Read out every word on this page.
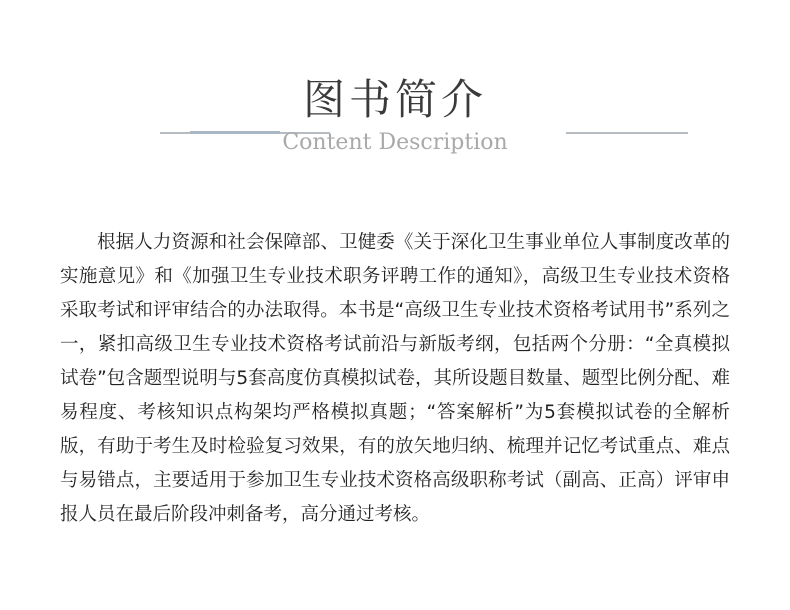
图书简介
Content Description

根据人力资源和社会保障部、卫健委《关于深化卫生事业单位人事制度改革的实施意见》和《加强卫生专业技术职务评聘工作的通知》，高级卫生专业技术资格采取考试和评审结合的办法取得。本书是“高级卫生专业技术资格考试用书”系列之一，紧扣高级卫生专业技术资格考试前沿与新版考纲，包括两个分册：“全真模拟试卷”包含题型说明与5套高度仿真模拟试卷，其所设题目数量、题型比例分配、难易程度、考核知识点构架均严格模拟真题；“答案解析”为5套模拟试卷的全解析版，有助于考生及时检验复习效果，有的放矢地归纳、梳理并记忆考试重点、难点与易错点，主要适用于参加卫生专业技术资格高级职称考试（副高、正高）评审申报人员在最后阶段冲刺备考，高分通过考核。
